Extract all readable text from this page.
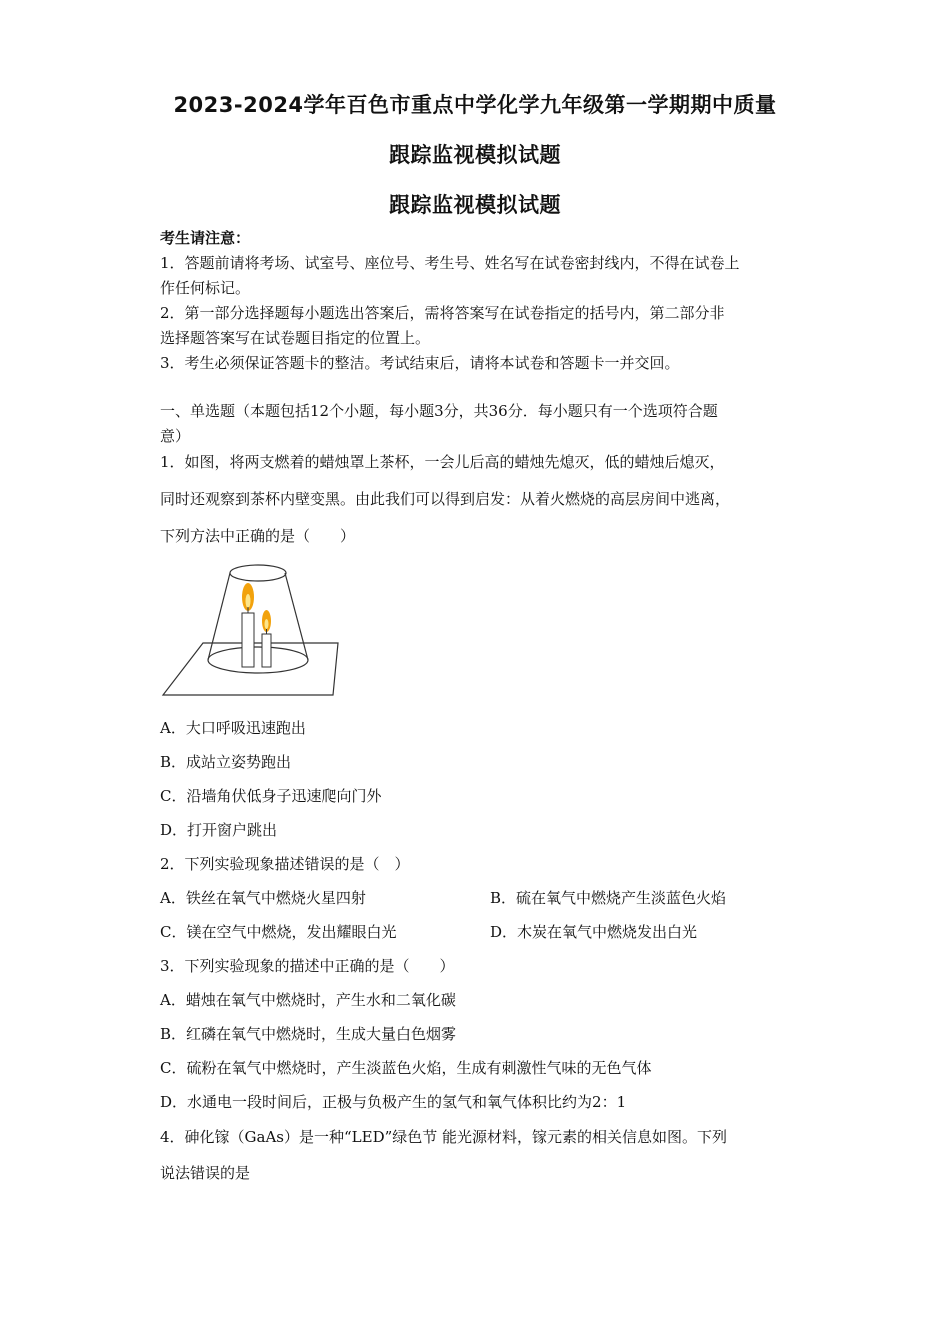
2023-2024学年百色市重点中学化学九年级第一学期期中质量
跟踪监视模拟试题
跟踪监视模拟试题
考生请注意：
1．答题前请将考场、试室号、座位号、考生号、姓名写在试卷密封线内，不得在试卷上
作任何标记。
2．第一部分选择题每小题选出答案后，需将答案写在试卷指定的括号内，第二部分非
选择题答案写在试卷题目指定的位置上。
3．考生必须保证答题卡的整洁。考试结束后，请将本试卷和答题卡一并交回。
一、单选题（本题包括12个小题，每小题3分，共36分．每小题只有一个选项符合题
意）
1．如图，将两支燃着的蜡烛罩上茶杯，一会儿后高的蜡烛先熄灭，低的蜡烛后熄灭，
同时还观察到茶杯内壁变黑。由此我们可以得到启发：从着火燃烧的高层房间中逃离，
下列方法中正确的是（　　）
A．大口呼吸迅速跑出
B．成站立姿势跑出
C．沿墙角伏低身子迅速爬向门外
D．打开窗户跳出
2．下列实验现象描述错误的是（　）
A．铁丝在氧气中燃烧火星四射	B．硫在氧气中燃烧产生淡蓝色火焰
C．镁在空气中燃烧，发出耀眼白光	D．木炭在氧气中燃烧发出白光
3．下列实验现象的描述中正确的是（　　）
A．蜡烛在氧气中燃烧时，产生水和二氧化碳
B．红磷在氧气中燃烧时，生成大量白色烟雾
C．硫粉在氧气中燃烧时，产生淡蓝色火焰，生成有刺激性气味的无色气体
D．水通电一段时间后，正极与负极产生的氢气和氧气体积比约为2：1
4．砷化镓（GaAs）是一种“LED”绿色节 能光源材料，镓元素的相关信息如图。下列
说法错误的是
